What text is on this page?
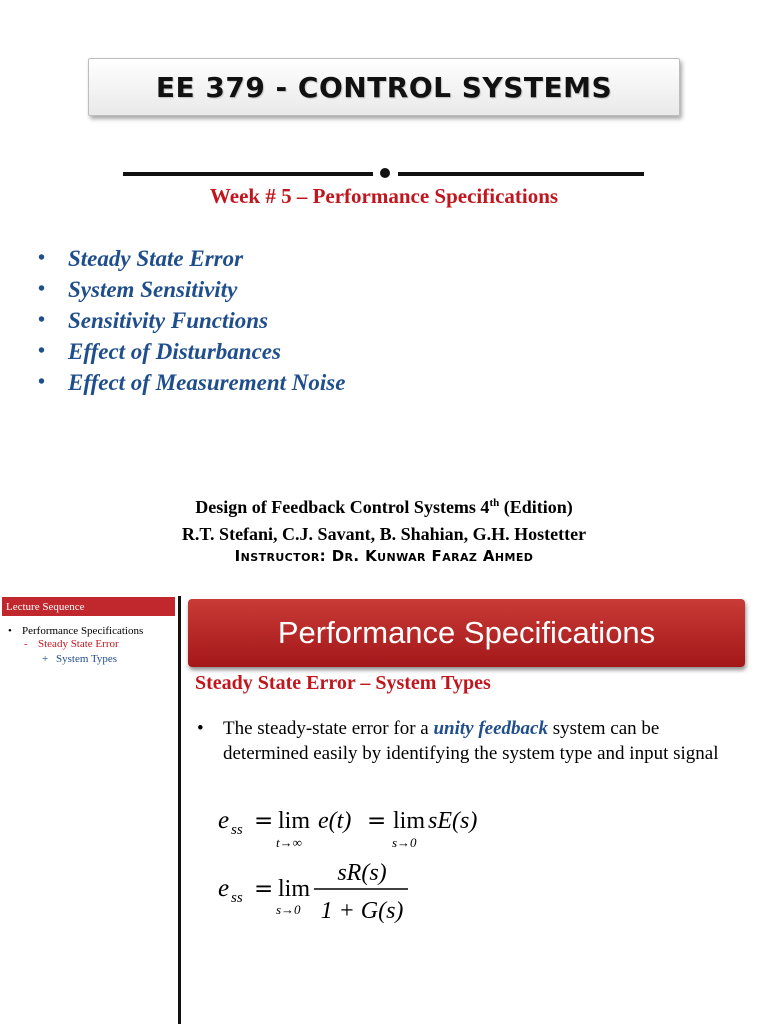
EE 379 - CONTROL SYSTEMS
Week # 5 – Performance Specifications
• Steady State Error
• System Sensitivity
• Sensitivity Functions
• Effect of Disturbances
• Effect of Measurement Noise
Design of Feedback Control Systems 4th (Edition)
R.T. Stefani, C.J. Savant, B. Shahian, G.H. Hostetter
Instructor: Dr. Kunwar Faraz Ahmed
Lecture Sequence
• Performance Specifications
- Steady State Error
+ System Types
Performance Specifications
Steady State Error – System Types
• The steady-state error for a unity feedback system can be determined easily by identifying the system type and input signal
e ss = lim
t→∞
e(t) = lim
s→0
sE(s)
e ss = lim
s→0
sR(s)
1 + G(s)
